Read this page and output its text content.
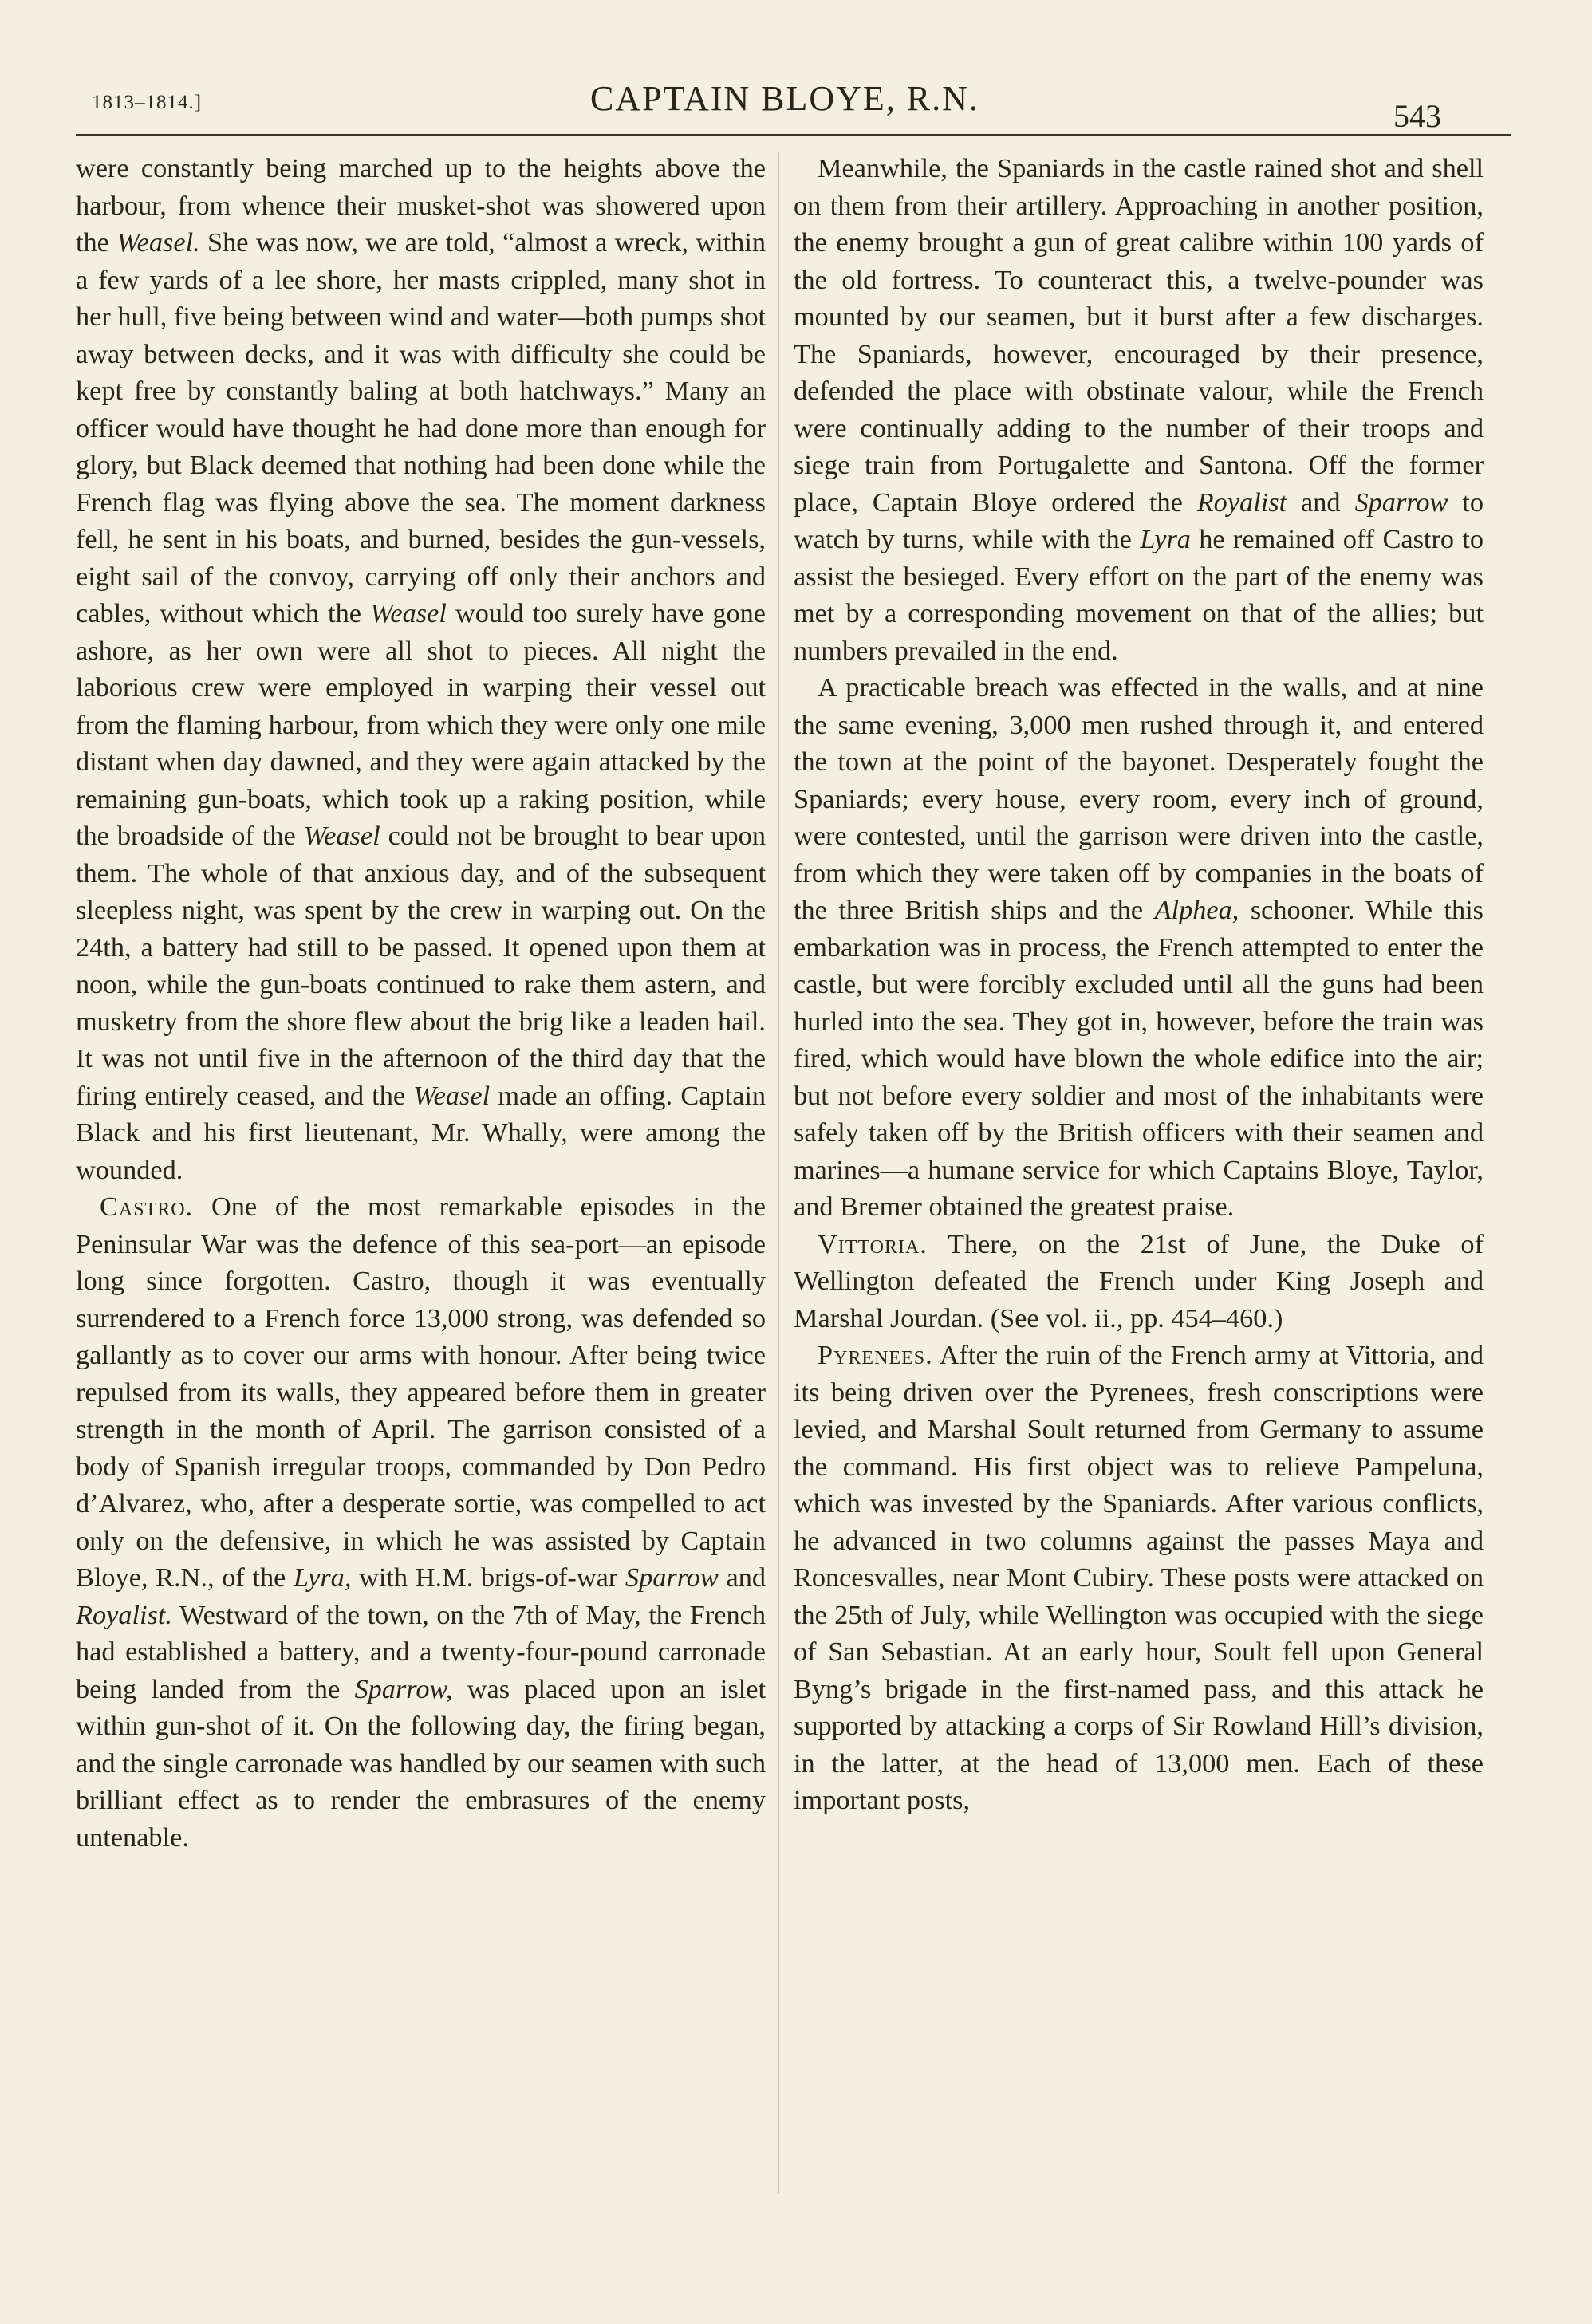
1813–1814.]	CAPTAIN BLOYE, R.N.	543

were constantly being marched up to the heights above the harbour, from whence their musket-shot was showered upon the Weasel. She was now, we are told, “almost a wreck, within a few yards of a lee shore, her masts crippled, many shot in her hull, five being between wind and water—both pumps shot away between decks, and it was with difficulty she could be kept free by constantly baling at both hatchways.” Many an officer would have thought he had done more than enough for glory, but Black deemed that nothing had been done while the French flag was flying above the sea. The moment darkness fell, he sent in his boats, and burned, besides the gun-vessels, eight sail of the convoy, carrying off only their anchors and cables, without which the Weasel would too surely have gone ashore, as her own were all shot to pieces. All night the laborious crew were employed in warping their vessel out from the flaming harbour, from which they were only one mile distant when day dawned, and they were again attacked by the remaining gun-boats, which took up a raking position, while the broadside of the Weasel could not be brought to bear upon them. The whole of that anxious day, and of the subsequent sleepless night, was spent by the crew in warping out. On the 24th, a battery had still to be passed. It opened upon them at noon, while the gun-boats continued to rake them astern, and musketry from the shore flew about the brig like a leaden hail. It was not until five in the afternoon of the third day that the firing entirely ceased, and the Weasel made an offing. Captain Black and his first lieutenant, Mr. Whally, were among the wounded.

Castro. One of the most remarkable episodes in the Peninsular War was the defence of this sea-port—an episode long since forgotten. Castro, though it was eventually surrendered to a French force 13,000 strong, was defended so gallantly as to cover our arms with honour. After being twice repulsed from its walls, they appeared before them in greater strength in the month of April. The garrison consisted of a body of Spanish irregular troops, commanded by Don Pedro d’Alvarez, who, after a desperate sortie, was compelled to act only on the defensive, in which he was assisted by Captain Bloye, R.N., of the Lyra, with H.M. brigs-of-war Sparrow and Royalist. Westward of the town, on the 7th of May, the French had established a battery, and a twenty-four-pound carronade being landed from the Sparrow, was placed upon an islet within gun-shot of it. On the following day, the firing began, and the single carronade was handled by our seamen with such brilliant effect as to render the embrasures of the enemy untenable.

Meanwhile, the Spaniards in the castle rained shot and shell on them from their artillery. Approaching in another position, the enemy brought a gun of great calibre within 100 yards of the old fortress. To counteract this, a twelve-pounder was mounted by our seamen, but it burst after a few discharges. The Spaniards, however, encouraged by their presence, defended the place with obstinate valour, while the French were continually adding to the number of their troops and siege train from Portugalette and Santona. Off the former place, Captain Bloye ordered the Royalist and Sparrow to watch by turns, while with the Lyra he remained off Castro to assist the besieged. Every effort on the part of the enemy was met by a corresponding movement on that of the allies; but numbers prevailed in the end.

A practicable breach was effected in the walls, and at nine the same evening, 3,000 men rushed through it, and entered the town at the point of the bayonet. Desperately fought the Spaniards; every house, every room, every inch of ground, were contested, until the garrison were driven into the castle, from which they were taken off by companies in the boats of the three British ships and the Alphea, schooner. While this embarkation was in process, the French attempted to enter the castle, but were forcibly excluded until all the guns had been hurled into the sea. They got in, however, before the train was fired, which would have blown the whole edifice into the air; but not before every soldier and most of the inhabitants were safely taken off by the British officers with their seamen and marines—a humane service for which Captains Bloye, Taylor, and Bremer obtained the greatest praise.

Vittoria. There, on the 21st of June, the Duke of Wellington defeated the French under King Joseph and Marshal Jourdan. (See vol. ii., pp. 454–460.)

Pyrenees. After the ruin of the French army at Vittoria, and its being driven over the Pyrenees, fresh conscriptions were levied, and Marshal Soult returned from Germany to assume the command. His first object was to relieve Pampeluna, which was invested by the Spaniards. After various conflicts, he advanced in two columns against the passes Maya and Roncesvalles, near Mont Cubiry. These posts were attacked on the 25th of July, while Wellington was occupied with the siege of San Sebastian. At an early hour, Soult fell upon General Byng’s brigade in the first-named pass, and this attack he supported by attacking a corps of Sir Rowland Hill’s division, in the latter, at the head of 13,000 men. Each of these important posts,
